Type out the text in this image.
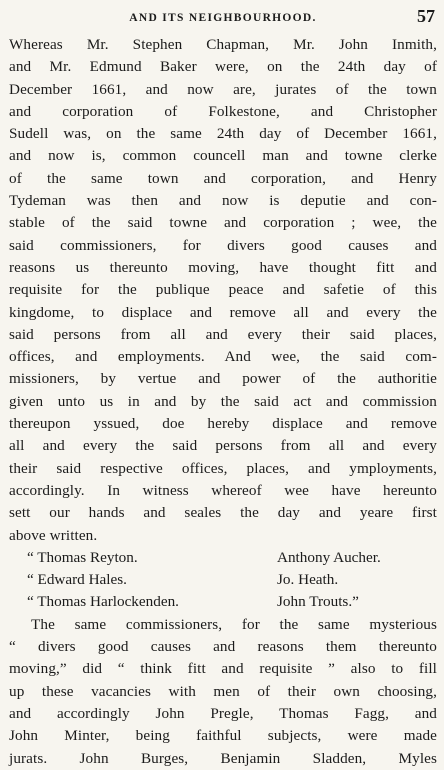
AND ITS NEIGHBOURHOOD.	57
Whereas Mr. Stephen Chapman, Mr. John Inmith,
and Mr. Edmund Baker were, on the 24th day of
December 1661, and now are, jurates of the town
and corporation of Folkestone, and Christopher
Sudell was, on the same 24th day of December 1661,
and now is, common councell man and towne clerke
of the same town and corporation, and Henry
Tydeman was then and now is deputie and con-
stable of the said towne and corporation ; wee, the
said commissioners, for divers good causes and
reasons us thereunto moving, have thought fitt and
requisite for the publique peace and safetie of this
kingdome, to displace and remove all and every the
said persons from all and every their said places,
offices, and employments. And wee, the said com-
missioners, by vertue and power of the authoritie
given unto us in and by the said act and commission
thereupon yssued, doe hereby displace and remove
all and every the said persons from all and every
their said respective offices, places, and ymployments,
accordingly. In witness whereof wee have hereunto
sett our hands and seales the day and yeare first
above written.
“ Thomas Reyton.	Anthony Aucher.
“ Edward Hales.	Jo. Heath.
“ Thomas Harlockenden.	John Trouts.”
The same commissioners, for the same mysterious
“ divers good causes and reasons them thereunto
moving,” did “ think fitt and requisite ” also to fill
up these vacancies with men of their own choosing,
and accordingly John Pregle, Thomas Fagg, and
John Minter, being faithful subjects, were made
jurats. John Burges, Benjamin Sladden, Myles
